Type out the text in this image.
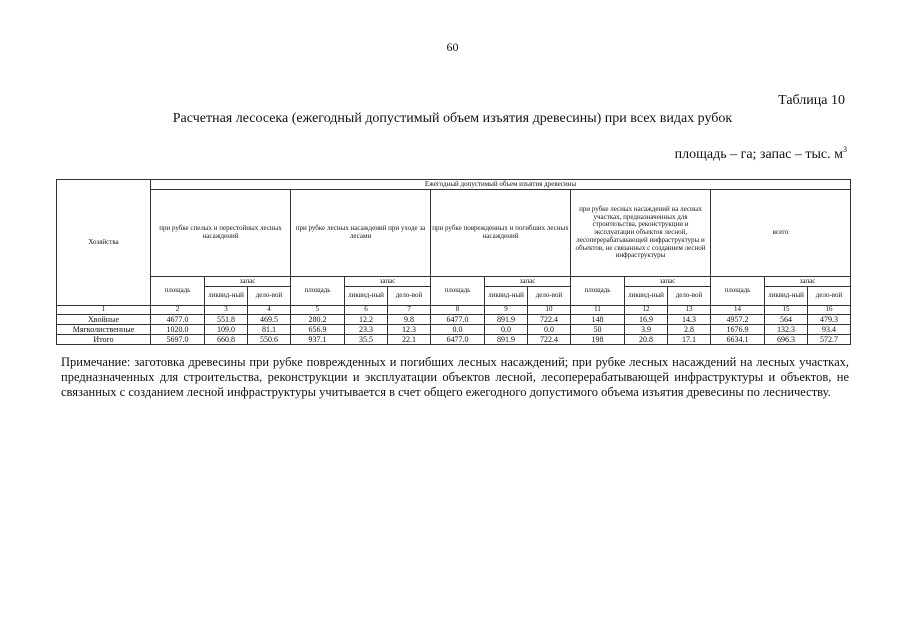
60
Таблица 10
Расчетная лесосека (ежегодный допустимый объем изъятия древесины) при всех видах рубок
площадь – га; запас – тыс. $м^3$
Хозяйства	Ежегодный допустимый объем изъятия древесины														
	при рубке спелых и перестойных лесных насаждений			при рубке лесных насаждений при уходе за лесами			при рубке поврежденных и погибших лесных насаждений			при рубке лесных насаждений на лесных участках, предназначенных для строительства, реконструкции и эксплуатации объектов лесной, лесоперерабатывающей инфраструктуры и объектов, не связанных с созданием лесной инфраструктуры			всего		
	площадь	запас		площадь	запас		площадь	запас		площадь	запас		площадь	запас	
		ликвид-ный	дело-вой		ликвид-ный	дело-вой		ликвид-ный	дело-вой		ликвид-ный	дело-вой		ликвид-ный	дело-вой
1	2	3	4	5	6	7	8	9	10	11	12	13	14	15	16
Хвойные	4677.0	551.8	469.5	280.2	12.2	9.8	6477.0	891.9	722.4	148	16.9	14.3	4957.2	564	479.3
Мягколиственные	1020.0	109.0	81.1	656.9	23.3	12.3	0.0	0.0	0.0	50	3.9	2.8	1676.9	132.3	93.4
Итого	5697.0	660.8	550.6	937.1	35.5	22.1	6477.0	891.9	722.4	198	20.8	17.1	6634.1	696.3	572.7
Примечание: заготовка древесины при рубке поврежденных и погибших лесных насаждений; при рубке лесных насаждений на лесных участках, предназначенных для строительства, реконструкции и эксплуатации объектов лесной, лесоперерабатывающей инфраструктуры и объектов, не связанных с созданием лесной инфраструктуры учитывается в счет общего ежегодного допустимого объема изъятия древесины по лесничеству.
